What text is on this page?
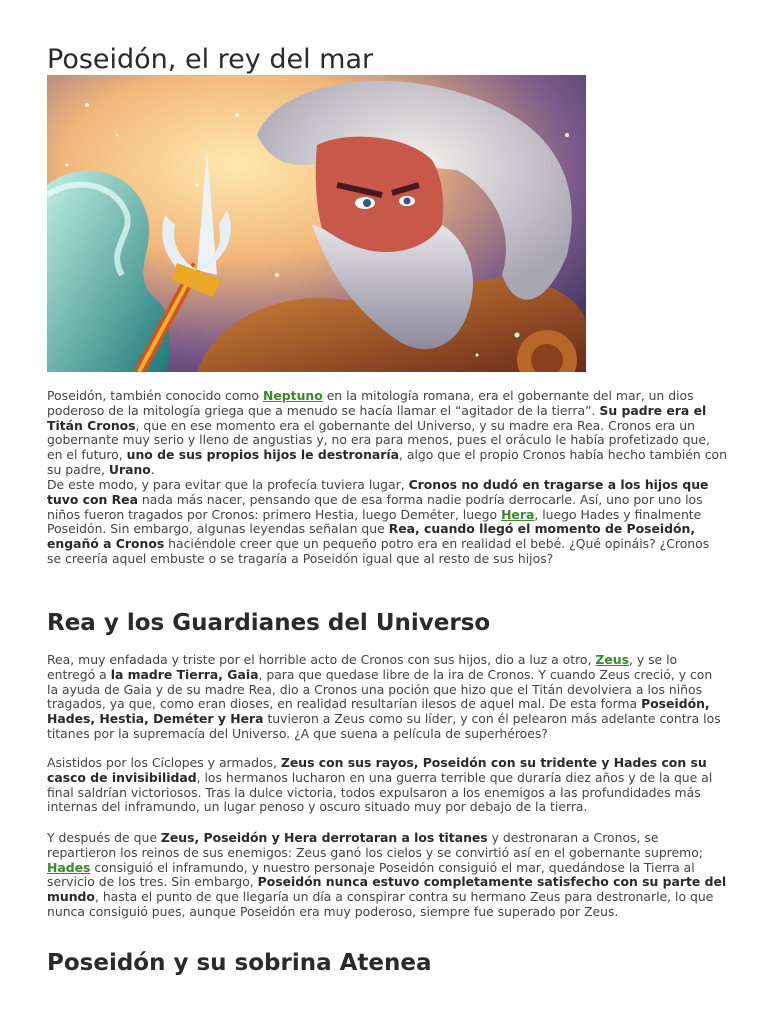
Poseidón, el rey del mar

Poseidón, también conocido como Neptuno en la mitología romana, era el gobernante del mar, un dios poderoso de la mitología griega que a menudo se hacía llamar el “agitador de la tierra”. Su padre era el Titán Cronos, que en ese momento era el gobernante del Universo, y su madre era Rea. Cronos era un gobernante muy serio y lleno de angustias y, no era para menos, pues el oráculo le había profetizado que, en el futuro, uno de sus propios hijos le destronaría, algo que el propio Cronos había hecho también con su padre, Urano.

De este modo, y para evitar que la profecía tuviera lugar, Cronos no dudó en tragarse a los hijos que tuvo con Rea nada más nacer, pensando que de esa forma nadie podría derrocarle. Así, uno por uno los niños fueron tragados por Cronos: primero Hestia, luego Deméter, luego Hera, luego Hades y finalmente Poseidón. Sin embargo, algunas leyendas señalan que Rea, cuando llegó el momento de Poseidón, engañó a Cronos haciéndole creer que un pequeño potro era en realidad el bebé. ¿Qué opináis? ¿Cronos se creería aquel embuste o se tragaría a Poseidón igual que al resto de sus hijos?

Rea y los Guardianes del Universo

Rea, muy enfadada y triste por el horrible acto de Cronos con sus hijos, dio a luz a otro, Zeus, y se lo entregó a la madre Tierra, Gaia, para que quedase libre de la ira de Cronos. Y cuando Zeus creció, y con la ayuda de Gaia y de su madre Rea, dio a Cronos una poción que hizo que el Titán devolviera a los niños tragados, ya que, como eran dioses, en realidad resultarían ilesos de aquel mal. De esta forma Poseidón, Hades, Hestia, Deméter y Hera tuvieron a Zeus como su líder, y con él pelearon más adelante contra los titanes por la supremacía del Universo. ¿A que suena a película de superhéroes?

Asistidos por los Cíclopes y armados, Zeus con sus rayos, Poseidón con su tridente y Hades con su casco de invisibilidad, los hermanos lucharon en una guerra terrible que duraría diez años y de la que al final saldrían victoriosos. Tras la dulce victoria, todos expulsaron a los enemigos a las profundidades más internas del inframundo, un lugar penoso y oscuro situado muy por debajo de la tierra.

Y después de que Zeus, Poseidón y Hera derrotaran a los titanes y destronaran a Cronos, se repartieron los reinos de sus enemigos: Zeus ganó los cielos y se convirtió así en el gobernante supremo; Hades consiguió el inframundo, y nuestro personaje Poseidón consiguió el mar, quedándose la Tierra al servicio de los tres. Sin embargo, Poseidón nunca estuvo completamente satisfecho con su parte del mundo, hasta el punto de que llegaría un día a conspirar contra su hermano Zeus para destronarle, lo que nunca consiguió pues, aunque Poseidón era muy poderoso, siempre fue superado por Zeus.

Poseidón y su sobrina Atenea
